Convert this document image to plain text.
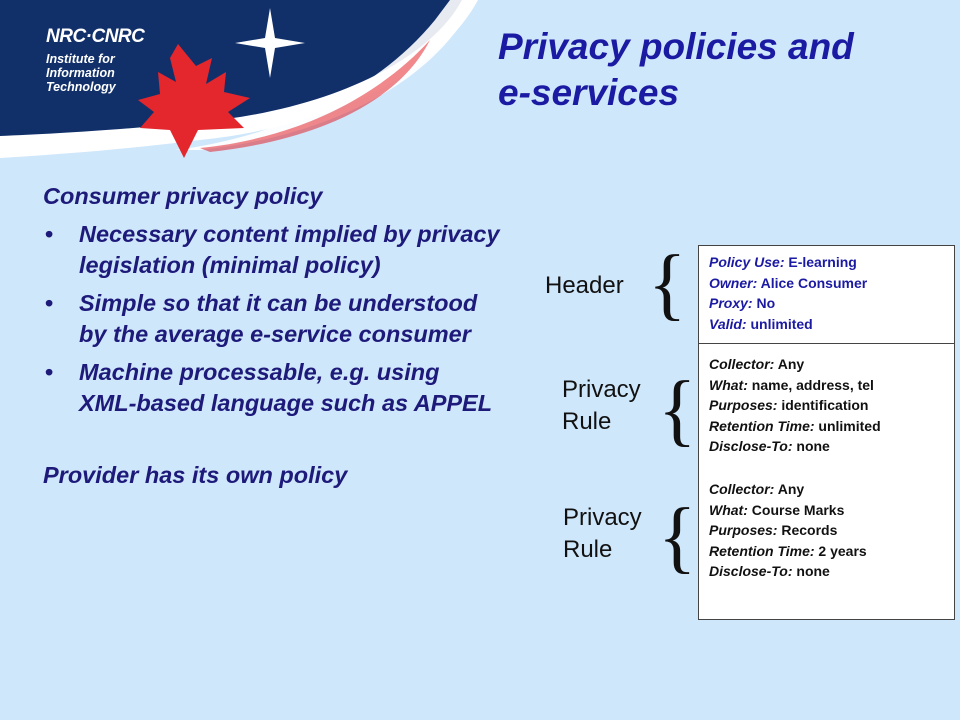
NRC·CNRC
Institute for
Information
Technology
Privacy policies and
e-services
Consumer privacy policy
• Necessary content implied by privacy legislation (minimal policy)
• Simple so that it can be understood by the average e-service consumer
• Machine processable, e.g. using XML-based language such as APPEL
Provider has its own policy
Header {
Privacy
Rule {
Privacy
Rule {
Policy Use: E-learning
Owner: Alice Consumer
Proxy: No
Valid: unlimited
Collector: Any
What: name, address, tel
Purposes: identification
Retention Time: unlimited
Disclose-To: none
Collector: Any
What: Course Marks
Purposes: Records
Retention Time: 2 years
Disclose-To: none
